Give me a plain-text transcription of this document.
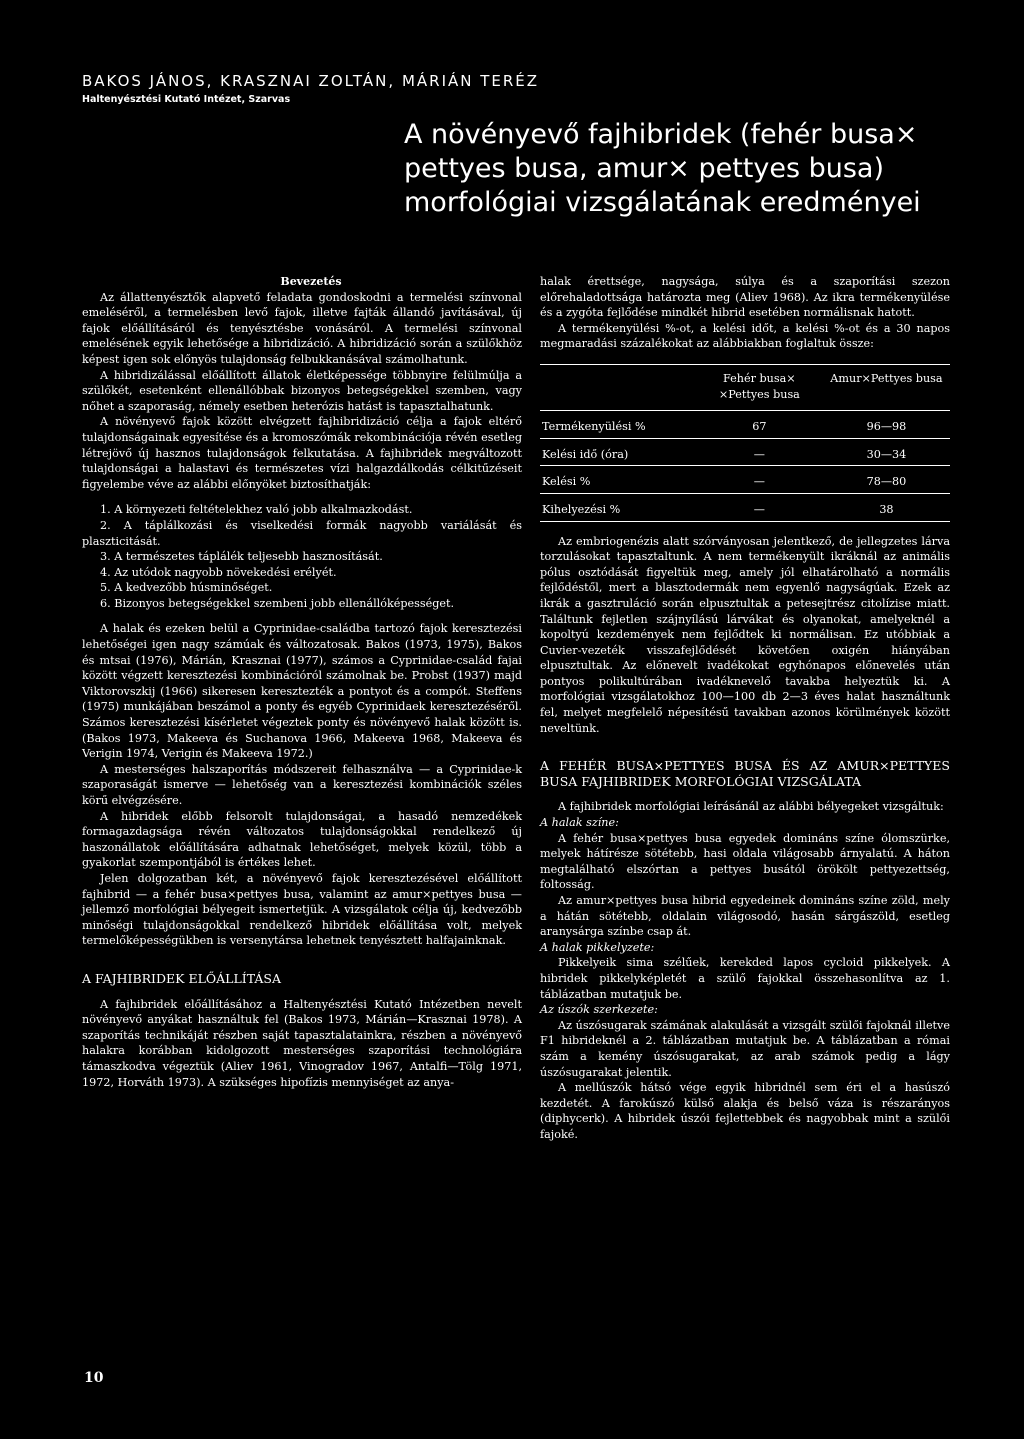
BAKOS JÁNOS, KRASZNAI ZOLTÁN, MÁRIÁN TERÉZ
Haltenyésztési Kutató Intézet, Szarvas
A növényevő fajhibridek (fehér busa× pettyes busa, amur× pettyes busa) morfológiai vizsgálatának eredményei

Bevezetés

Az állattenyésztők alapvető feladata gondoskodni a termelési színvonal emeléséről, a termelésben levő fajok, illetve fajták állandó javításával, új fajok előállításáról és tenyésztésbe vonásáról. A termelési színvonal emelésének egyik lehetősége a hibridizáció. A hibridizáció során a szülőkhöz képest igen sok előnyös tulajdonság felbukkanásával számolhatunk.

A hibridizálással előállított állatok életképessége többnyire felülmúlja a szülőkét, esetenként ellenállóbbak bizonyos betegségekkel szemben, vagy nőhet a szaporaság, némely esetben heterózis hatást is tapasztalhatunk.

A növényevő fajok között elvégzett fajhibridizáció célja a fajok eltérő tulajdonságainak egyesítése és a kromoszómák rekombinációja révén esetleg létrejövő új hasznos tulajdonságok felkutatása. A fajhibridek megváltozott tulajdonságai a halastavi és természetes vízi halgazdálkodás célkitűzéseit figyelembe véve az alábbi előnyöket biztosíthatják:

1. A környezeti feltételekhez való jobb alkalmazkodást.

2. A táplálkozási és viselkedési formák nagyobb variálását és plaszticitását.

3. A természetes táplálék teljesebb hasznosítását.

4. Az utódok nagyobb növekedési erélyét.

5. A kedvezőbb húsminőséget.

6. Bizonyos betegségekkel szembeni jobb ellenállóképességet.

A halak és ezeken belül a Cyprinidae-családba tartozó fajok keresztezési lehetőségei igen nagy számúak és változatosak. Bakos (1973, 1975), Bakos és mtsai (1976), Márián, Krasznai (1977), számos a Cyprinidae-család fajai között végzett keresztezési kombinációról számolnak be. Probst (1937) majd Viktorovszkij (1966) sikeresen keresztezték a pontyot és a compót. Steffens (1975) munkájában beszámol a ponty és egyéb Cyprinidaek keresztezéséről. Számos keresztezési kísérletet végeztek ponty és növényevő halak között is. (Bakos 1973, Makeeva és Suchanova 1966, Makeeva 1968, Makeeva és Verigin 1974, Verigin és Makeeva 1972.)

A mesterséges halszaporítás módszereit felhasználva — a Cyprinidae-k szaporaságát ismerve — lehetőség van a keresztezési kombinációk széles körű elvégzésére.

A hibridek előbb felsorolt tulajdonságai, a hasadó nemzedékek formagazdagsága révén változatos tulajdonságokkal rendelkező új haszonállatok előállítására adhatnak lehetőséget, melyek közül, több a gyakorlat szempontjából is értékes lehet.

Jelen dolgozatban két, a növényevő fajok keresztezésével előállított fajhibrid — a fehér busa×pettyes busa, valamint az amur×pettyes busa — jellemző morfológiai bélyegeit ismertetjük. A vizsgálatok célja új, kedvezőbb minőségi tulajdonságokkal rendelkező hibridek előállítása volt, melyek termelőképességükben is versenytársa lehetnek tenyésztett halfajainknak.

A FAJHIBRIDEK ELŐÁLLÍTÁSA

A fajhibridek előállításához a Haltenyésztési Kutató Intézetben nevelt növényevő anyákat használtuk fel (Bakos 1973, Márián—Krasznai 1978). A szaporítás technikáját részben saját tapasztalatainkra, részben a növényevő halakra korábban kidolgozott mesterséges szaporítási technológiára támaszkodva végeztük (Aliev 1961, Vinogradov 1967, Antalfi—Tölg 1971, 1972, Horváth 1973). A szükséges hipofízis mennyiséget az anya-

halak érettsége, nagysága, súlya és a szaporítási szezon előrehaladottsága határozta meg (Aliev 1968). Az ikra termékenyülése és a zygóta fejlődése mindkét hibrid esetében normálisnak hatott.

A termékenyülési %-ot, a kelési időt, a kelési %-ot és a 30 napos megmaradási százalékokat az alábbiakban foglaltuk össze:

	Fehér busa× ×Pettyes busa	Amur×Pettyes busa
Termékenyülési %	67	96—98
Kelési idő (óra)	—	30—34
Kelési %	—	78—80
Kihelyezési %	—	38

Az embriogenézis alatt szórványosan jelentkező, de jellegzetes lárva torzulásokat tapasztaltunk. A nem termékenyült ikráknál az animális pólus osztódását figyeltük meg, amely jól elhatárolható a normális fejlődéstől, mert a blasztodermák nem egyenlő nagyságúak. Ezek az ikrák a gasztruláció során elpusztultak a petesejtrész citolízise miatt. Találtunk fejletlen szájnyílású lárvákat és olyanokat, amelyeknél a kopoltyú kezdemények nem fejlődtek ki normálisan. Ez utóbbiak a Cuvier-vezeték visszafejlődését követően oxigén hiányában elpusztultak. Az előnevelt ivadékokat egyhónapos előnevelés után pontyos polikultúrában ivadéknevelő tavakba helyeztük ki. A morfológiai vizsgálatokhoz 100—100 db 2—3 éves halat használtunk fel, melyet megfelelő népesítésű tavakban azonos körülmények között neveltünk.

A FEHÉR BUSA×PETTYES BUSA ÉS AZ AMUR×PETTYES BUSA FAJHIBRIDEK MORFOLÓGIAI VIZSGÁLATA

A fajhibridek morfológiai leírásánál az alábbi bélyegeket vizsgáltuk:

A halak színe:

A fehér busa×pettyes busa egyedek domináns színe ólomszürke, melyek hátírésze sötétebb, hasi oldala világosabb árnyalatú. A háton megtalálható elszórtan a pettyes busától örökölt pettyezettség, foltosság.

Az amur×pettyes busa hibrid egyedeinek domináns színe zöld, mely a hátán sötétebb, oldalain világosodó, hasán sárgászöld, esetleg aranysárga színbe csap át.

A halak pikkelyzete:

Pikkelyeik sima szélűek, kerekded lapos cycloid pikkelyek. A hibridek pikkelyképletét a szülő fajokkal összehasonlítva az 1. táblázatban mutatjuk be.

Az úszók szerkezete:

Az úszósugarak számának alakulását a vizsgált szülői fajoknál illetve F1 hibrideknél a 2. táblázatban mutatjuk be. A táblázatban a római szám a kemény úszósugarakat, az arab számok pedig a lágy úszósugarakat jelentik.

A mellúszók hátsó vége egyik hibridnél sem éri el a hasúszó kezdetét. A farokúszó külső alakja és belső váza is részarányos (diphycerk). A hibridek úszói fejlettebbek és nagyobbak mint a szülői fajoké.

10
